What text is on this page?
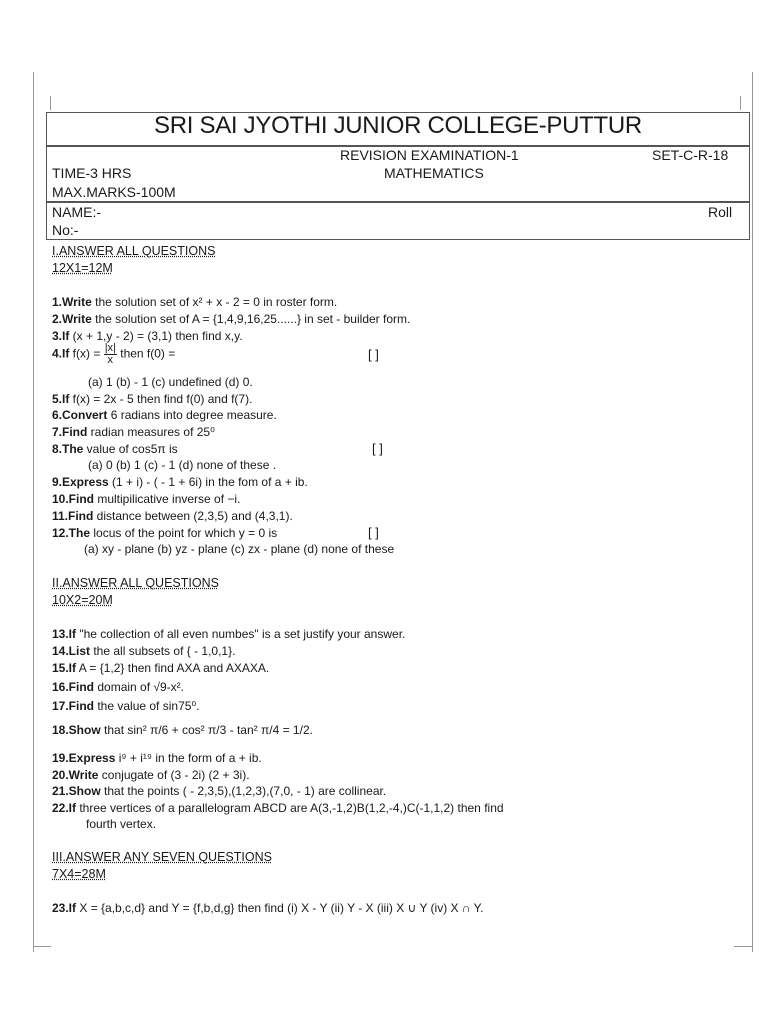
SRI SAI JYOTHI JUNIOR COLLEGE-PUTTUR
REVISION EXAMINATION-1	SET-C-R-18
TIME-3 HRS	MATHEMATICS
MAX.MARKS-100M
NAME:-	Roll
No:-
I.ANSWER ALL QUESTIONS
12X1=12M
1.Write the solution set of x² + x - 2 = 0 in roster form.
2.Write the solution set of A = {1,4,9,16,25......} in set - builder form.
3.If (x + 1,y - 2) = (3,1) then find x,y.
4.If $f(x) = \frac{|x|}{x}$ then f(0) =	[ ]
(a) 1 (b) - 1 (c) undefined (d) 0.
5.If f(x) = 2x - 5 then find f(0) and f(7).
6.Convert 6 radians into degree measure.
7.Find radian measures of 25⁰
8.The value of cos5π is	[ ]
(a) 0 (b) 1 (c) - 1 (d) none of these .
9.Express (1 + i) - ( - 1 + 6i) in the fom of a + ib.
10.Find multipilicative inverse of −i.
11.Find distance between (2,3,5) and (4,3,1).
12.The locus of the point for which y = 0 is	[ ]
(a) xy - plane (b) yz - plane (c) zx - plane (d) none of these
II.ANSWER ALL QUESTIONS
10X2=20M
13.If "he collection of all even numbes" is a set justify your answer.
14.List the all subsets of { - 1,0,1}.
15.If A = {1,2} then find AXA and AXAXA.
16.Find domain of √9-x².
17.Find the value of sin75⁰.
18.Show that sin² π/6 + cos² π/3 - tan² π/4 = 1/2.
19.Express i⁹ + i¹⁹ in the form of a + ib.
20.Write conjugate of (3 - 2i) (2 + 3i).
21.Show that the points ( - 2,3,5),(1,2,3),(7,0, - 1) are collinear.
22.If three vertices of a parallelogram ABCD are A(3,-1,2)B(1,2,-4,)C(-1,1,2) then find
fourth vertex.
III.ANSWER ANY SEVEN QUESTIONS
7X4=28M
23.If X = {a,b,c,d} and Y = {f,b,d,g} then find (i) X - Y (ii) Y - X (iii) X ∪ Y (iv) X ∩ Y.
